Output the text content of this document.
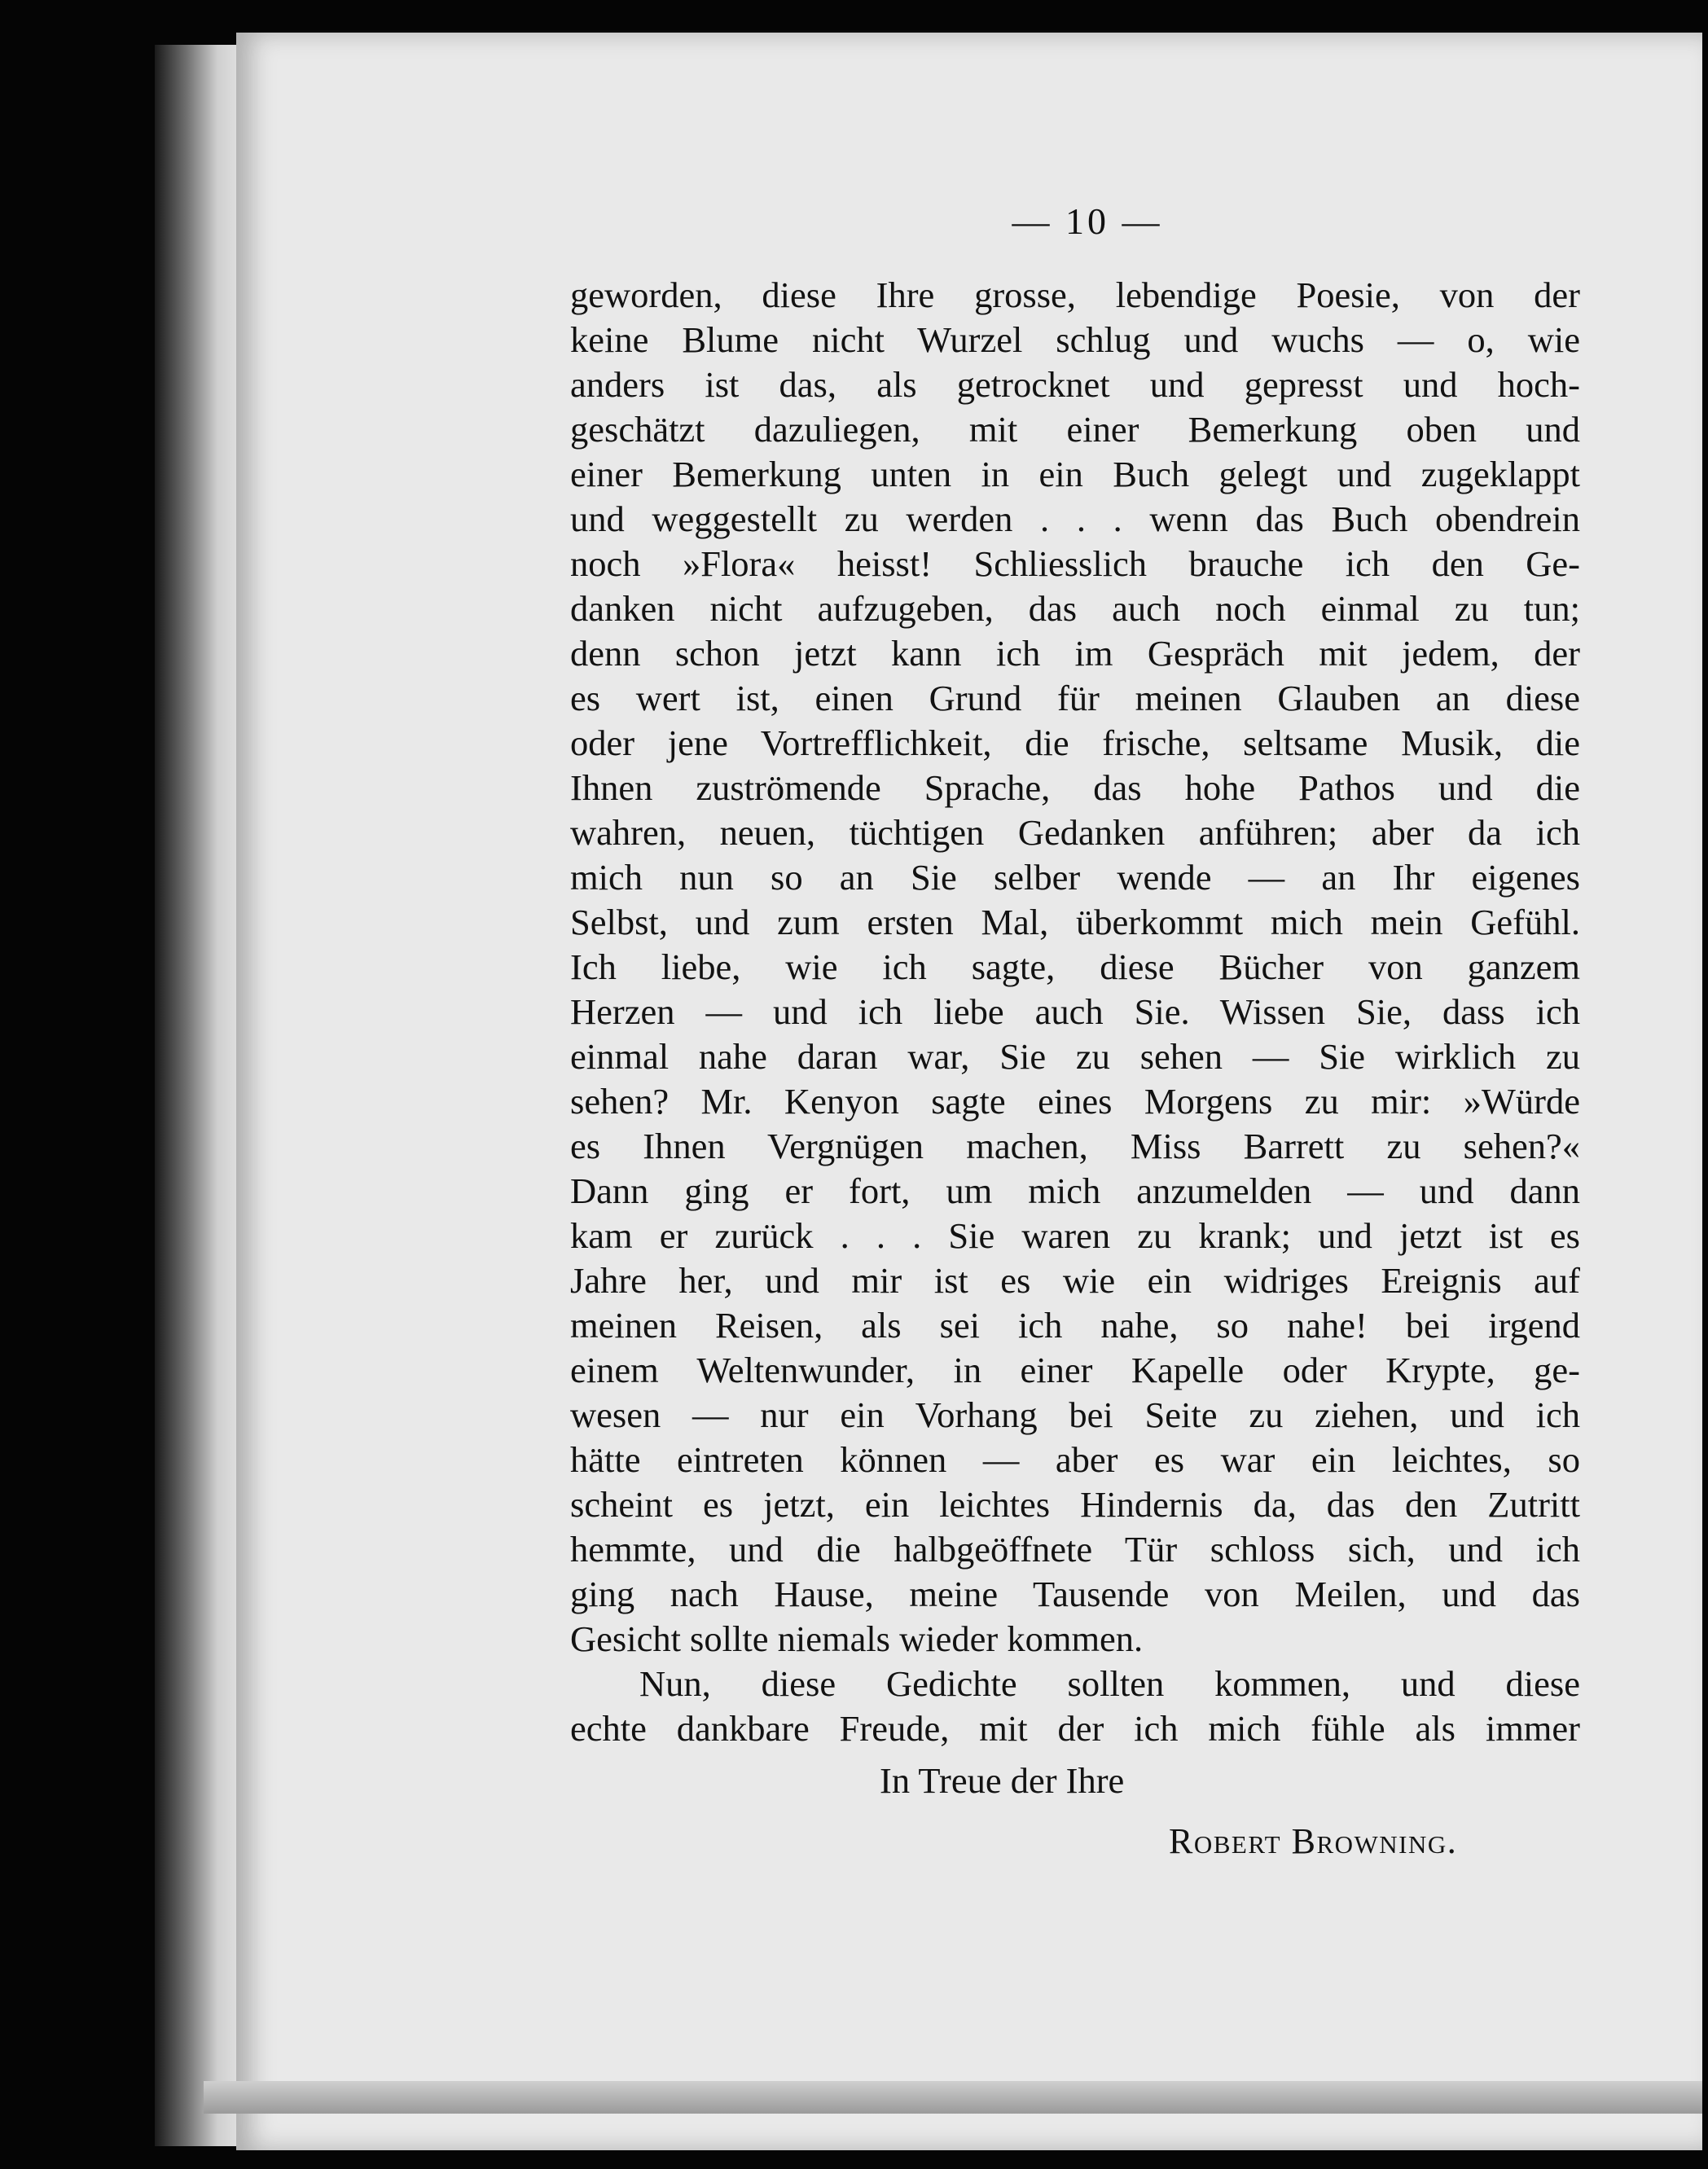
— 10 —
geworden, diese Ihre grosse, lebendige Poesie, von der
keine Blume nicht Wurzel schlug und wuchs — o, wie
anders ist das, als getrocknet und gepresst und hoch-
geschätzt dazuliegen, mit einer Bemerkung oben und
einer Bemerkung unten in ein Buch gelegt und zugeklappt
und weggestellt zu werden . . . wenn das Buch obendrein
noch »Flora« heisst! Schliesslich brauche ich den Ge-
danken nicht aufzugeben, das auch noch einmal zu tun;
denn schon jetzt kann ich im Gespräch mit jedem, der
es wert ist, einen Grund für meinen Glauben an diese
oder jene Vortrefflichkeit, die frische, seltsame Musik, die
Ihnen zuströmende Sprache, das hohe Pathos und die
wahren, neuen, tüchtigen Gedanken anführen; aber da ich
mich nun so an Sie selber wende — an Ihr eigenes
Selbst, und zum ersten Mal, überkommt mich mein Gefühl.
Ich liebe, wie ich sagte, diese Bücher von ganzem
Herzen — und ich liebe auch Sie. Wissen Sie, dass ich
einmal nahe daran war, Sie zu sehen — Sie wirklich zu
sehen? Mr. Kenyon sagte eines Morgens zu mir: »Würde
es Ihnen Vergnügen machen, Miss Barrett zu sehen?«
Dann ging er fort, um mich anzumelden — und dann
kam er zurück . . . Sie waren zu krank; und jetzt ist es
Jahre her, und mir ist es wie ein widriges Ereignis auf
meinen Reisen, als sei ich nahe, so nahe! bei irgend
einem Weltenwunder, in einer Kapelle oder Krypte, ge-
wesen — nur ein Vorhang bei Seite zu ziehen, und ich
hätte eintreten können — aber es war ein leichtes, so
scheint es jetzt, ein leichtes Hindernis da, das den Zutritt
hemmte, und die halbgeöffnete Tür schloss sich, und ich
ging nach Hause, meine Tausende von Meilen, und das
Gesicht sollte niemals wieder kommen.
Nun, diese Gedichte sollten kommen, und diese
echte dankbare Freude, mit der ich mich fühle als immer
In Treue der Ihre
Robert Browning.
